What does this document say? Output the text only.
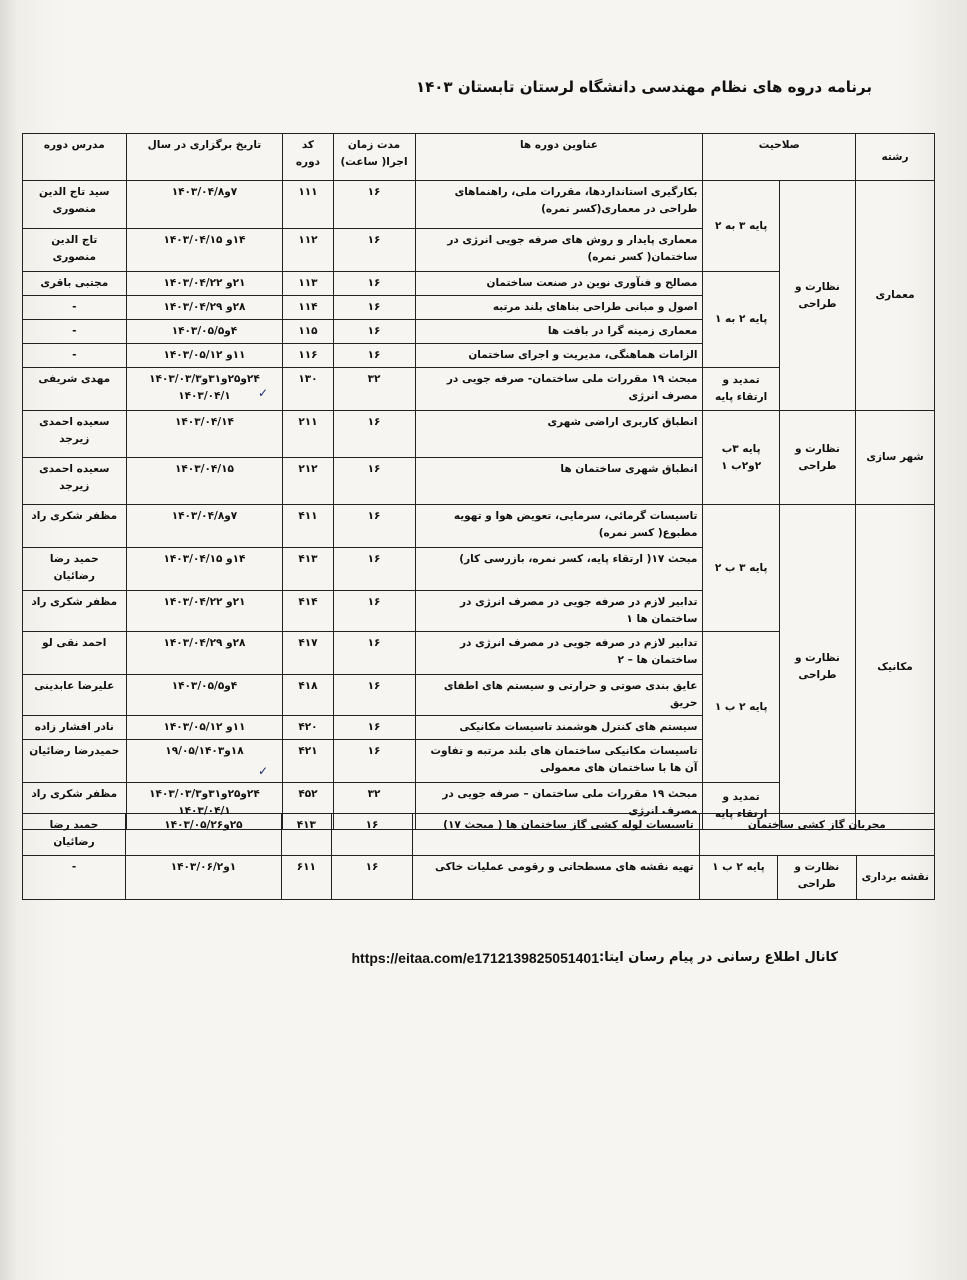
برنامه دروه های نظام مهندسی دانشگاه لرستان تابستان ۱۴۰۳
رشته	صلاحیت		عناوین دوره ها	مدت زمان اجرا( ساعت)	کد دوره	تاریخ برگزاری در سال	مدرس دوره
معماری	نظارت و طراحی	پایه ۳ به ۲	بکارگیری استانداردها، مقررات ملی، راهنماهای طراحی در معماری(کسر نمره)	۱۶	۱۱۱	۷و۱۴۰۳/۰۴/۸	سید تاج الدین منصوری
			معماری پایدار و روش های صرفه جویی انرژی در ساختمان( کسر نمره)	۱۶	۱۱۲	۱۴و ۱۴۰۳/۰۴/۱۵	تاج الدین منصوری
		پایه ۲ به ۱	مصالح و فنآوری نوین در صنعت ساختمان	۱۶	۱۱۳	۲۱و ۱۴۰۳/۰۴/۲۲	مجتبی باقری
			اصول و مبانی طراحی بناهای بلند مرتبه	۱۶	۱۱۴	۲۸و ۱۴۰۳/۰۴/۲۹	-
			معماری زمینه گرا در بافت ها	۱۶	۱۱۵	۴و۱۴۰۳/۰۵/۵	-
			الزامات هماهنگی، مدیریت و اجرای ساختمان	۱۶	۱۱۶	۱۱و ۱۴۰۳/۰۵/۱۲	-
		تمدید و ارتقاء پایه	مبحث ۱۹ مقررات ملی ساختمان- صرفه جویی در مصرف انرژی	۳۲	۱۳۰	۲۴و۲۵و۳۱و۱۴۰۳/۰۳/۳ ۱۴۰۳/۰۴/۱	مهدی شریفی
شهر سازی	نظارت و طراحی	پایه ۳ب ۲و۲ب ۱	انطباق کاربری اراضی شهری	۱۶	۲۱۱	۱۴۰۳/۰۴/۱۴	سعیده احمدی زیرجد
			انطباق شهری ساختمان ها	۱۶	۲۱۲	۱۴۰۳/۰۴/۱۵	سعیده احمدی زیرجد
مکانیک	نظارت و طراحی	پایه ۳ ب ۲	تاسیسات گرمائی، سرمایی، تعویض هوا و تهویه مطبوع( کسر نمره)	۱۶	۴۱۱	۷و۱۴۰۳/۰۴/۸	مظفر شکری راد
			مبحث ۱۷( ارتقاء پایه، کسر نمره، بازرسی کار)	۱۶	۴۱۳	۱۴و ۱۴۰۳/۰۴/۱۵	حمید رضا رضائیان
			تدابیر لازم در صرفه جویی در مصرف انرژی در ساختمان ها ۱	۱۶	۴۱۴	۲۱و ۱۴۰۳/۰۴/۲۲	مظفر شکری راد
		پایه ۲ ب ۱	تدابیر لازم در صرفه جویی در مصرف انرژی در ساختمان ها – ۲	۱۶	۴۱۷	۲۸و ۱۴۰۳/۰۴/۲۹	احمد نقی لو
			عایق بندی صوتی و حرارتی و سیستم های اطفای حریق	۱۶	۴۱۸	۴و۱۴۰۳/۰۵/۵	علیرضا عابدینی
			سیستم های کنترل هوشمند تاسیسات مکانیکی	۱۶	۴۲۰	۱۱و ۱۴۰۳/۰۵/۱۲	نادر افشار زاده
			تاسیسات مکانیکی ساختمان های بلند مرتبه و تفاوت آن ها با ساختمان های معمولی	۱۶	۴۲۱	۱۸و۱۹/۰۵/۱۴۰۳	حمیدرضا رضائیان
		تمدید و ارتقاء پایه	مبحث ۱۹ مقررات ملی ساختمان – صرفه جویی در مصرف انرژی	۳۲	۴۵۲	۲۴و۲۵و۳۱و۱۴۰۳/۰۳/۳ ۱۴۰۳/۰۴/۱	مظفر شکری راد
مجریان گاز کشی ساختمان			تاسیسات لوله کشی گاز ساختمان ها ( مبحث ۱۷)	۱۶	۴۱۳	۲۵و۱۴۰۳/۰۵/۲۶	حمید رضا رضائیان
نقشه برداری	نظارت و طراحی	پایه ۲ ب ۱	تهیه نقشه های مسطحاتی و رقومی عملیات خاکی	۱۶	۶۱۱	۱و۱۴۰۳/۰۶/۲	-
✓
✓
کانال اطلاع رسانی در پیام رسان ایتا:
https://eitaa.com/e1712139825051401
